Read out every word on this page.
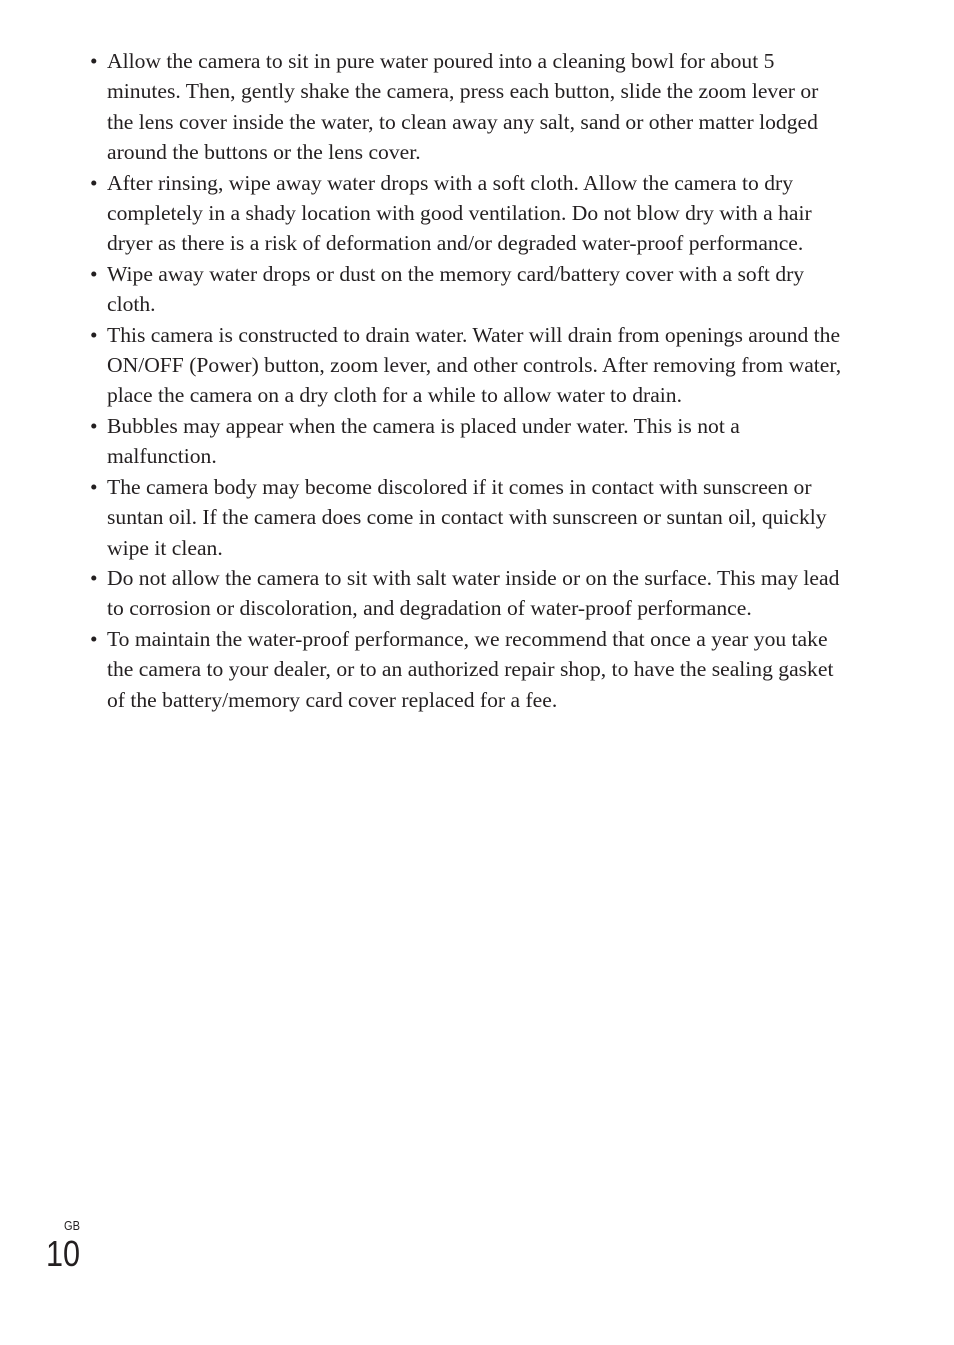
• Allow the camera to sit in pure water poured into a cleaning bowl for about 5 minutes. Then, gently shake the camera, press each button, slide the zoom lever or the lens cover inside the water, to clean away any salt, sand or other matter lodged around the buttons or the lens cover.
• After rinsing, wipe away water drops with a soft cloth. Allow the camera to dry completely in a shady location with good ventilation. Do not blow dry with a hair dryer as there is a risk of deformation and/or degraded water-proof performance.
• Wipe away water drops or dust on the memory card/battery cover with a soft dry cloth.
• This camera is constructed to drain water. Water will drain from openings around the ON/OFF (Power) button, zoom lever, and other controls. After removing from water, place the camera on a dry cloth for a while to allow water to drain.
• Bubbles may appear when the camera is placed under water. This is not a malfunction.
• The camera body may become discolored if it comes in contact with sunscreen or suntan oil. If the camera does come in contact with sunscreen or suntan oil, quickly wipe it clean.
• Do not allow the camera to sit with salt water inside or on the surface. This may lead to corrosion or discoloration, and degradation of water-proof performance.
• To maintain the water-proof performance, we recommend that once a year you take the camera to your dealer, or to an authorized repair shop, to have the sealing gasket of the battery/memory card cover replaced for a fee.
GB
10
